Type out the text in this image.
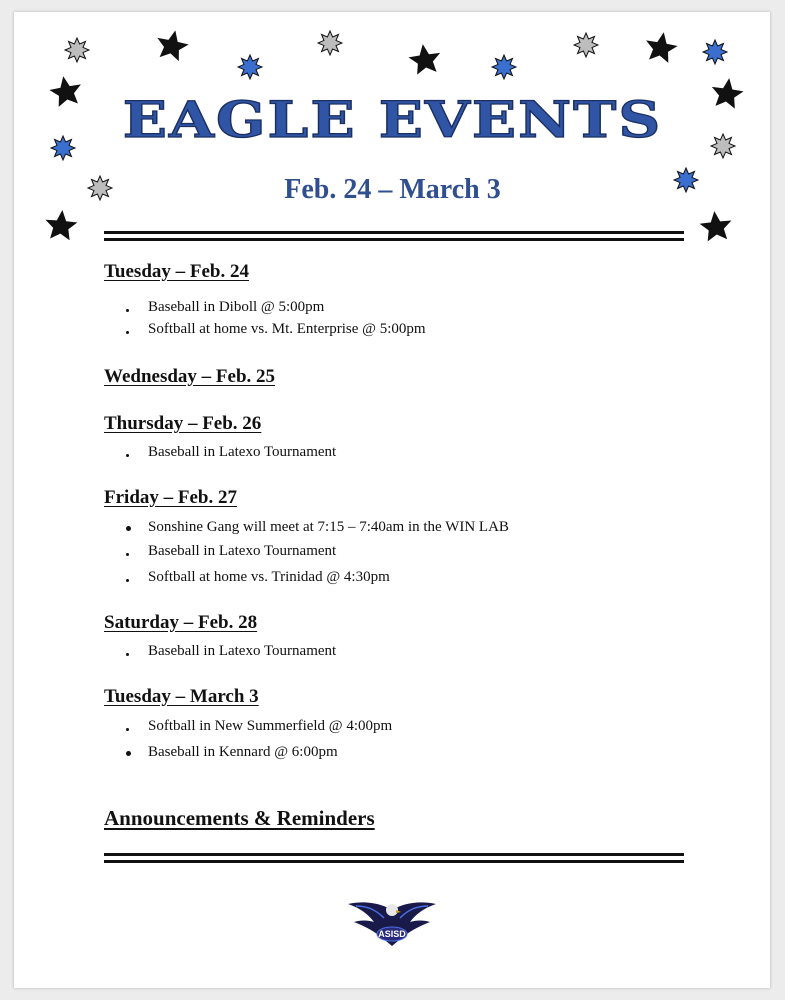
EAGLE EVENTS
Feb. 24 – March 3
Tuesday – Feb. 24
Baseball in Diboll @ 5:00pm
Softball at home vs. Mt. Enterprise @ 5:00pm
Wednesday – Feb. 25
Thursday – Feb. 26
Baseball in Latexo Tournament
Friday – Feb. 27
Sonshine Gang will meet at 7:15 – 7:40am in the WIN LAB
Baseball in Latexo Tournament
Softball at home vs. Trinidad @ 4:30pm
Saturday – Feb. 28
Baseball in Latexo Tournament
Tuesday – March 3
Softball in New Summerfield @ 4:00pm
Baseball in Kennard @ 6:00pm
Announcements & Reminders
ASISD
